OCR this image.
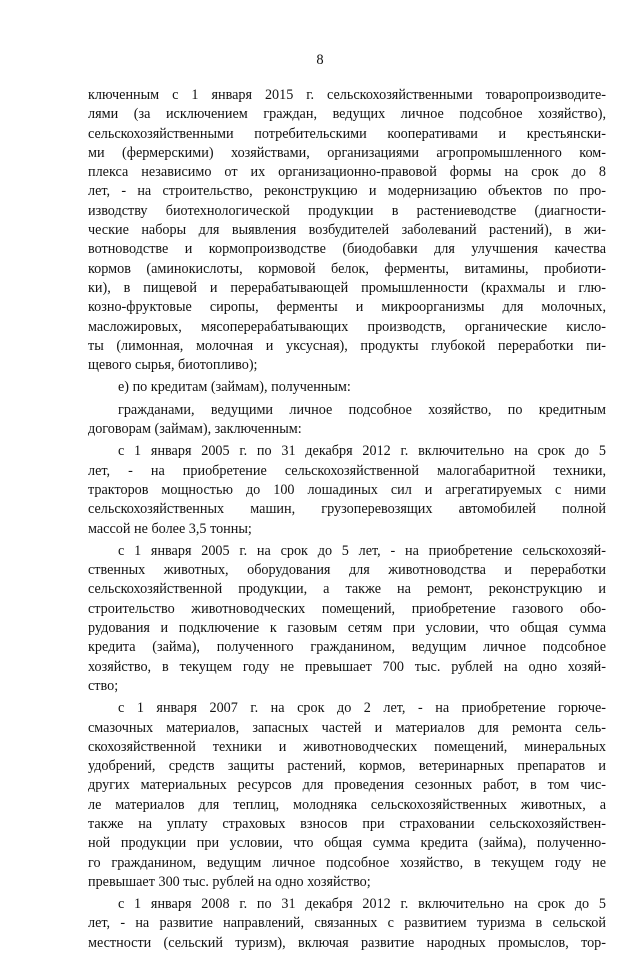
8
ключенным с 1 января 2015 г. сельскохозяйственными товаропроизводите-
лями (за исключением граждан, ведущих личное подсобное хозяйство),
сельскохозяйственными потребительскими кооперативами и крестьянски-
ми (фермерскими) хозяйствами, организациями агропромышленного ком-
плекса независимо от их организационно-правовой формы на срок до 8
лет, - на строительство, реконструкцию и модернизацию объектов по про-
изводству биотехнологической продукции в растениеводстве (диагности-
ческие наборы для выявления возбудителей заболеваний растений), в жи-
вотноводстве и кормопроизводстве (биодобавки для улучшения качества
кормов (аминокислоты, кормовой белок, ферменты, витамины, пробиоти-
ки), в пищевой и перерабатывающей промышленности (крахмалы и глю-
козно-фруктовые сиропы, ферменты и микроорганизмы для молочных,
масложировых, мясоперерабатывающих производств, органические кисло-
ты (лимонная, молочная и уксусная), продукты глубокой переработки пи-
щевого сырья, биотопливо);
е) по кредитам (займам), полученным:
гражданами, ведущими личное подсобное хозяйство, по кредитным
договорам (займам), заключенным:
с 1 января 2005 г. по 31 декабря 2012 г. включительно на срок до 5
лет, - на приобретение сельскохозяйственной малогабаритной техники,
тракторов мощностью до 100 лошадиных сил и агрегатируемых с ними
сельскохозяйственных машин, грузоперевозящих автомобилей полной
массой не более 3,5 тонны;
с 1 января 2005 г. на срок до 5 лет, - на приобретение сельскохозяй-
ственных животных, оборудования для животноводства и переработки
сельскохозяйственной продукции, а также на ремонт, реконструкцию и
строительство животноводческих помещений, приобретение газового обо-
рудования и подключение к газовым сетям при условии, что общая сумма
кредита (займа), полученного гражданином, ведущим личное подсобное
хозяйство, в текущем году не превышает 700 тыс. рублей на одно хозяй-
ство;
с 1 января 2007 г. на срок до 2 лет, - на приобретение горюче-
смазочных материалов, запасных частей и материалов для ремонта сель-
скохозяйственной техники и животноводческих помещений, минеральных
удобрений, средств защиты растений, кормов, ветеринарных препаратов и
других материальных ресурсов для проведения сезонных работ, в том чис-
ле материалов для теплиц, молодняка сельскохозяйственных животных, а
также на уплату страховых взносов при страховании сельскохозяйствен-
ной продукции при условии, что общая сумма кредита (займа), полученно-
го гражданином, ведущим личное подсобное хозяйство, в текущем году не
превышает 300 тыс. рублей на одно хозяйство;
с 1 января 2008 г. по 31 декабря 2012 г. включительно на срок до 5
лет, - на развитие направлений, связанных с развитием туризма в сельской
местности (сельский туризм), включая развитие народных промыслов, тор-
